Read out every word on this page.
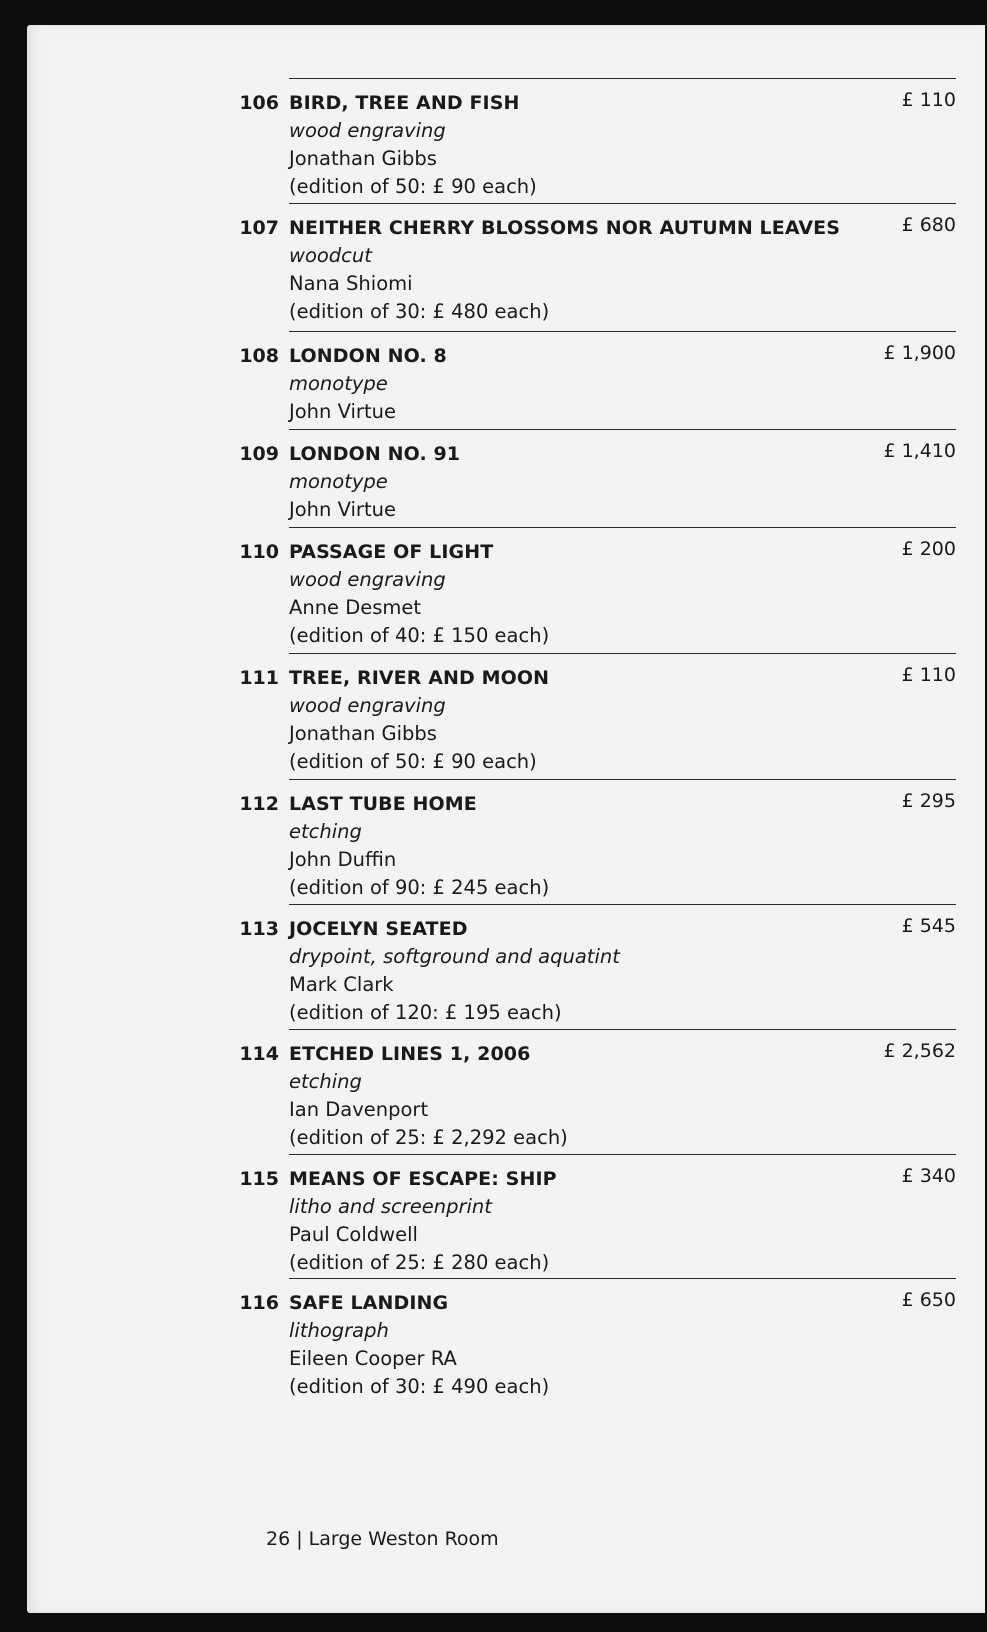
106 BIRD, TREE AND FISH
wood engraving
Jonathan Gibbs
(edition of 50: £ 90 each)
£ 110
107 NEITHER CHERRY BLOSSOMS NOR AUTUMN LEAVES
woodcut
Nana Shiomi
(edition of 30: £ 480 each)
£ 680
108 LONDON NO. 8
monotype
John Virtue
£ 1,900
109 LONDON NO. 91
monotype
John Virtue
£ 1,410
110 PASSAGE OF LIGHT
wood engraving
Anne Desmet
(edition of 40: £ 150 each)
£ 200
111 TREE, RIVER AND MOON
wood engraving
Jonathan Gibbs
(edition of 50: £ 90 each)
£ 110
112 LAST TUBE HOME
etching
John Duffin
(edition of 90: £ 245 each)
£ 295
113 JOCELYN SEATED
drypoint, softground and aquatint
Mark Clark
(edition of 120: £ 195 each)
£ 545
114 ETCHED LINES 1, 2006
etching
Ian Davenport
(edition of 25: £ 2,292 each)
£ 2,562
115 MEANS OF ESCAPE: SHIP
litho and screenprint
Paul Coldwell
(edition of 25: £ 280 each)
£ 340
116 SAFE LANDING
lithograph
Eileen Cooper RA
(edition of 30: £ 490 each)
£ 650
26 | Large Weston Room
